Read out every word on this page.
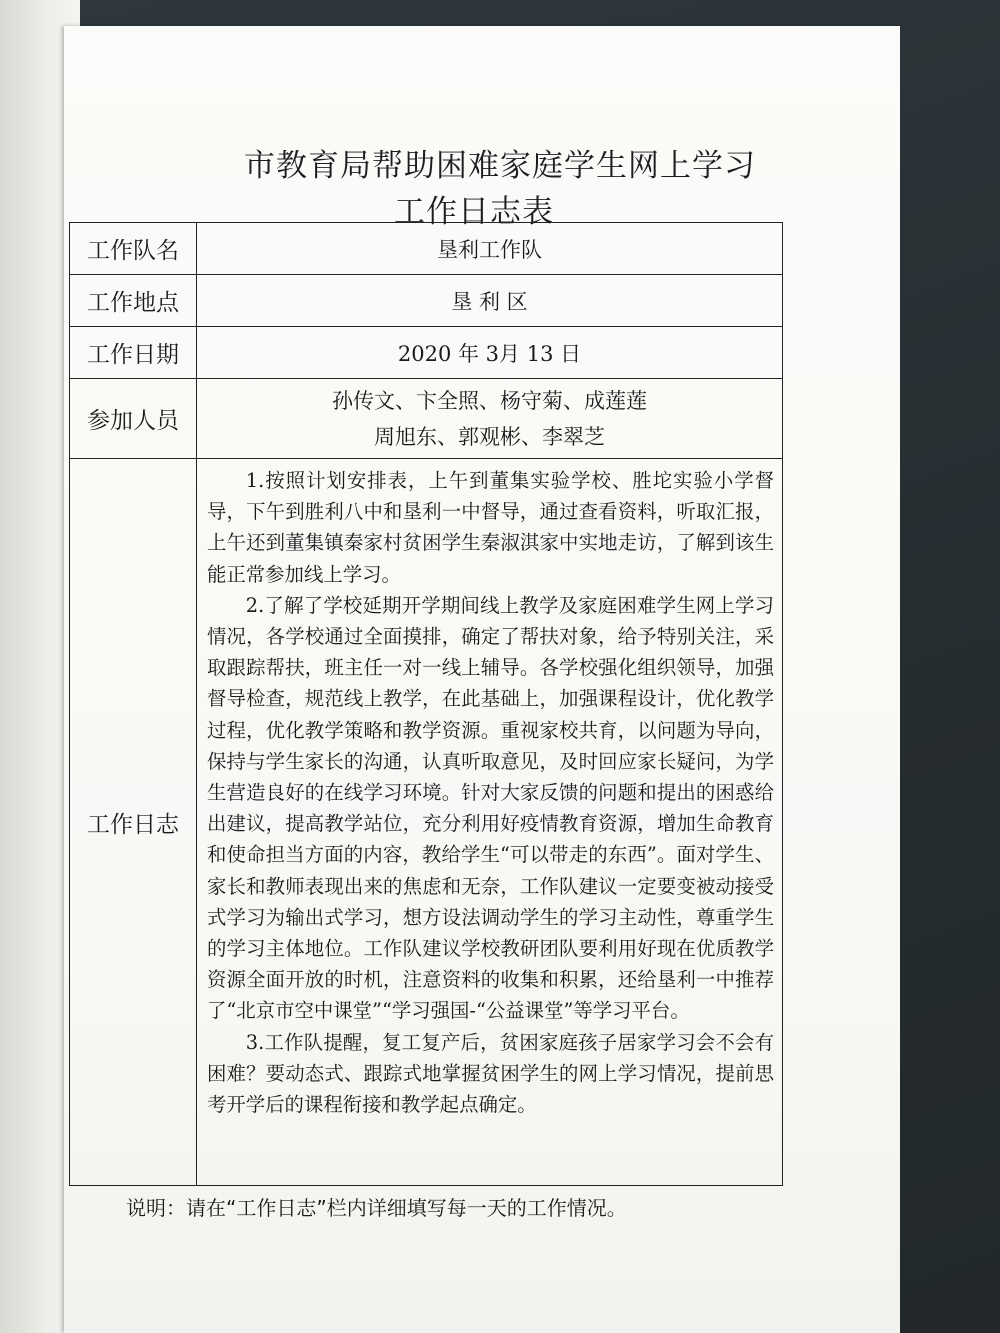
市教育局帮助困难家庭学生网上学习
工作日志表
工作队名	垦利工作队
工作地点	垦 利 区
工作日期	2020 年 3月 13 日
参加人员	孙传文、卞全照、杨守菊、成莲莲
周旭东、郭观彬、李翠芝

工作日志	1.按照计划安排表，上午到董集实验学校、胜坨实验小学督导，下午到胜利八中和垦利一中督导，通过查看资料，听取汇报，上午还到董集镇秦家村贫困学生秦淑淇家中实地走访，了解到该生能正常参加线上学习。

2.了解了学校延期开学期间线上教学及家庭困难学生网上学习情况，各学校通过全面摸排，确定了帮扶对象，给予特别关注，采取跟踪帮扶，班主任一对一线上辅导。各学校强化组织领导，加强督导检查，规范线上教学，在此基础上，加强课程设计，优化教学过程，优化教学策略和教学资源。重视家校共育，以问题为导向，保持与学生家长的沟通，认真听取意见，及时回应家长疑问，为学生营造良好的在线学习环境。针对大家反馈的问题和提出的困惑给出建议，提高教学站位，充分利用好疫情教育资源，增加生命教育和使命担当方面的内容，教给学生“可以带走的东西”。面对学生、家长和教师表现出来的焦虑和无奈，工作队建议一定要变被动接受式学习为输出式学习，想方设法调动学生的学习主动性，尊重学生的学习主体地位。工作队建议学校教研团队要利用好现在优质教学资源全面开放的时机，注意资料的收集和积累，还给垦利一中推荐了“北京市空中课堂”“学习强国-“公益课堂”等学习平台。

3.工作队提醒，复工复产后，贫困家庭孩子居家学习会不会有困难？要动态式、跟踪式地掌握贫困学生的网上学习情况，提前思考开学后的课程衔接和教学起点确定。

说明：请在“工作日志”栏内详细填写每一天的工作情况。
